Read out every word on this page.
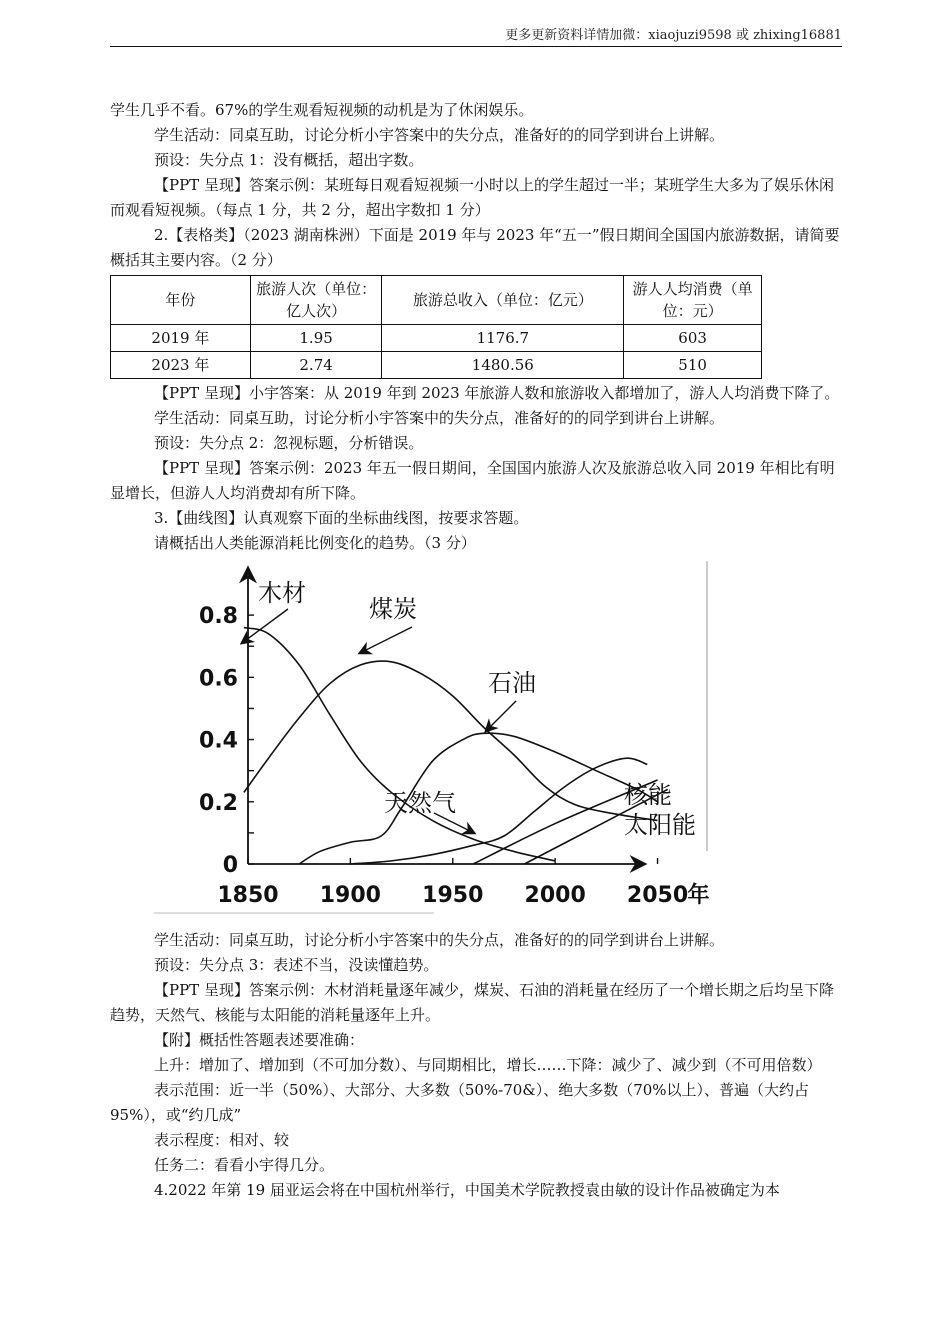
更多更新资料详情加微：xiaojuzi9598 或 zhixing16881

学生几乎不看。67%的学生观看短视频的动机是为了休闲娱乐。

学生活动：同桌互助，讨论分析小宇答案中的失分点，准备好的的同学到讲台上讲解。

预设：失分点 1：没有概括，超出字数。

【PPT 呈现】答案示例：某班每日观看短视频一小时以上的学生超过一半；某班学生大多为了娱乐休闲而观看短视频。（每点 1 分，共 2 分，超出字数扣 1 分）

2.【表格类】（2023 湖南株洲）下面是 2019 年与 2023 年“五一”假日期间全国国内旅游数据，请简要概括其主要内容。（2 分）

年份	旅游人次（单位：亿人次）	旅游总收入（单位：亿元）	游人人均消费（单位：元）
2019 年	1.95	1176.7	603
2023 年	2.74	1480.56	510

【PPT 呈现】小宇答案：从 2019 年到 2023 年旅游人数和旅游收入都增加了，游人人均消费下降了。

学生活动：同桌互助，讨论分析小宇答案中的失分点，准备好的的同学到讲台上讲解。

预设：失分点 2：忽视标题，分析错误。

【PPT 呈现】答案示例：2023 年五一假日期间，全国国内旅游人次及旅游总收入同 2019 年相比有明显增长，但游人人均消费却有所下降。

3.【曲线图】认真观察下面的坐标曲线图，按要求答题。

请概括出人类能源消耗比例变化的趋势。（3 分）

0
0.2
0.4
0.6
0.8
1850 1900 1950 2000 2050 年
木材
煤炭
石油
天然气	核能
太阳能

学生活动：同桌互助，讨论分析小宇答案中的失分点，准备好的的同学到讲台上讲解。

预设：失分点 3：表述不当，没读懂趋势。

【PPT 呈现】答案示例：木材消耗量逐年减少，煤炭、石油的消耗量在经历了一个增长期之后均呈下降趋势，天然气、核能与太阳能的消耗量逐年上升。

【附】概括性答题表述要准确：

上升：增加了、增加到（不可加分数）、与同期相比，增长……下降：减少了、减少到（不可用倍数）

表示范围：近一半（50%）、大部分、大多数（50%-70&）、绝大多数（70%以上）、普遍（大约占 95%），或“约几成”

表示程度：相对、较

任务二：看看小宇得几分。

4.2022 年第 19 届亚运会将在中国杭州举行，中国美术学院教授袁由敏的设计作品被确定为本
